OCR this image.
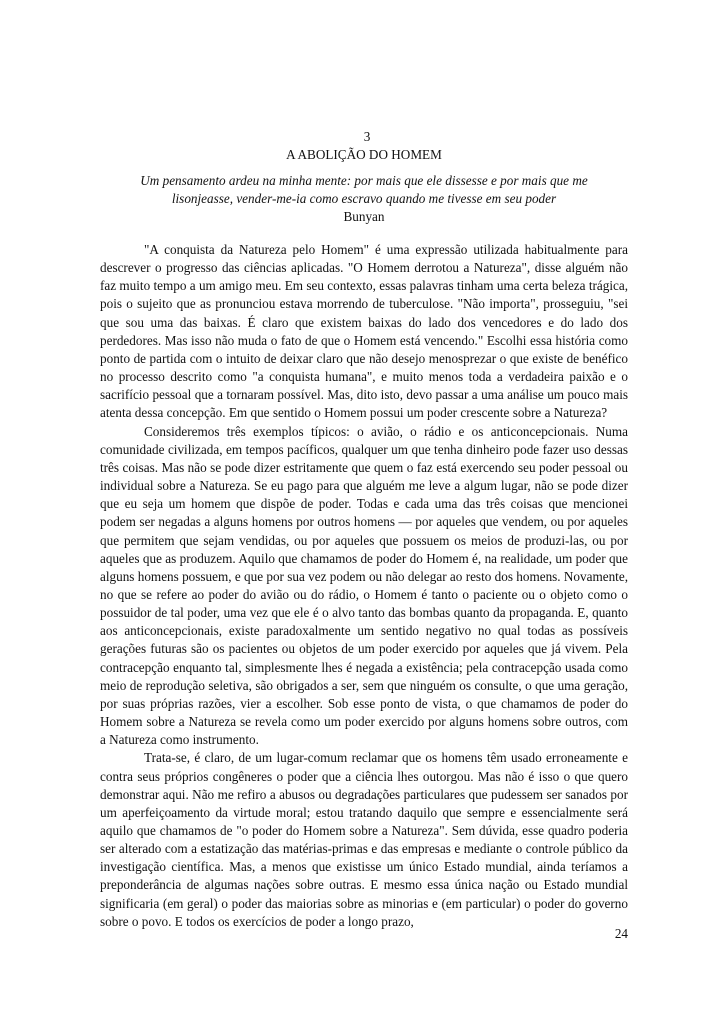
3

A ABOLIÇÃO DO HOMEM

Um pensamento ardeu na minha mente: por mais que ele dissesse e por mais que me lisonjeasse, vender-me-ia como escravo quando me tivesse em seu poder

Bunyan

"A conquista da Natureza pelo Homem" é uma expressão utilizada habitualmente para descrever o progresso das ciências aplicadas. "O Homem derrotou a Natureza", disse alguém não faz muito tempo a um amigo meu. Em seu contexto, essas palavras tinham uma certa beleza trágica, pois o sujeito que as pronunciou estava morrendo de tuberculose. "Não importa", prosseguiu, "sei que sou uma das baixas. É claro que existem baixas do lado dos vencedores e do lado dos perdedores. Mas isso não muda o fato de que o Homem está vencendo." Escolhi essa história como ponto de partida com o intuito de deixar claro que não desejo menosprezar o que existe de benéfico no processo descrito como "a conquista humana", e muito menos toda a verdadeira paixão e o sacrifício pessoal que a tornaram possível. Mas, dito isto, devo passar a uma análise um pouco mais atenta dessa concepção. Em que sentido o Homem possui um poder crescente sobre a Natureza?

Consideremos três exemplos típicos: o avião, o rádio e os anticoncepcionais. Numa comunidade civilizada, em tempos pacíficos, qualquer um que tenha dinheiro pode fazer uso dessas três coisas. Mas não se pode dizer estritamente que quem o faz está exercendo seu poder pessoal ou individual sobre a Natureza. Se eu pago para que alguém me leve a algum lugar, não se pode dizer que eu seja um homem que dispõe de poder. Todas e cada uma das três coisas que mencionei podem ser negadas a alguns homens por outros homens — por aqueles que vendem, ou por aqueles que permitem que sejam vendidas, ou por aqueles que possuem os meios de produzi-las, ou por aqueles que as produzem. Aquilo que chamamos de poder do Homem é, na realidade, um poder que alguns homens possuem, e que por sua vez podem ou não delegar ao resto dos homens. Novamente, no que se refere ao poder do avião ou do rádio, o Homem é tanto o paciente ou o objeto como o possuidor de tal poder, uma vez que ele é o alvo tanto das bombas quanto da propaganda. E, quanto aos anticoncepcionais, existe paradoxalmente um sentido negativo no qual todas as possíveis gerações futuras são os pacientes ou objetos de um poder exercido por aqueles que já vivem. Pela contracepção enquanto tal, simplesmente lhes é negada a existência; pela contracepção usada como meio de reprodução seletiva, são obrigados a ser, sem que ninguém os consulte, o que uma geração, por suas próprias razões, vier a escolher. Sob esse ponto de vista, o que chamamos de poder do Homem sobre a Natureza se revela como um poder exercido por alguns homens sobre outros, com a Natureza como instrumento.

Trata-se, é claro, de um lugar-comum reclamar que os homens têm usado erroneamente e contra seus próprios congêneres o poder que a ciência lhes outorgou. Mas não é isso o que quero demonstrar aqui. Não me refiro a abusos ou degradações particulares que pudessem ser sanados por um aperfeiçoamento da virtude moral; estou tratando daquilo que sempre e essencialmente será aquilo que chamamos de "o poder do Homem sobre a Natureza". Sem dúvida, esse quadro poderia ser alterado com a estatização das matérias-primas e das empresas e mediante o controle público da investigação científica. Mas, a menos que existisse um único Estado mundial, ainda teríamos a preponderância de algumas nações sobre outras. E mesmo essa única nação ou Estado mundial significaria (em geral) o poder das maiorias sobre as minorias e (em particular) o poder do governo sobre o povo. E todos os exercícios de poder a longo prazo,

24
